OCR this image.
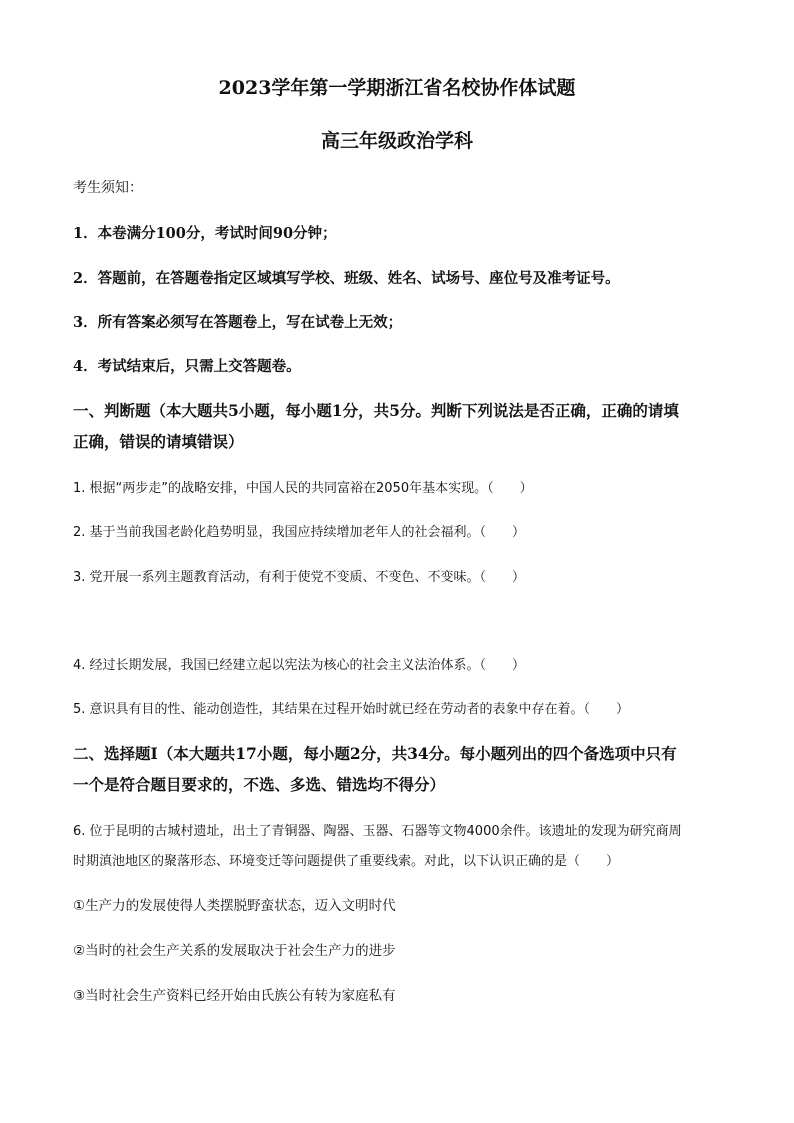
2023学年第一学期浙江省名校协作体试题
高三年级政治学科
考生须知：
1．本卷满分100分，考试时间90分钟；
2．答题前，在答题卷指定区域填写学校、班级、姓名、试场号、座位号及准考证号。
3．所有答案必须写在答题卷上，写在试卷上无效；
4．考试结束后，只需上交答题卷。
一、判断题（本大题共5小题，每小题1分，共5分。判断下列说法是否正确，正确的请填
正确，错误的请填错误）
1. 根据“两步走”的战略安排，中国人民的共同富裕在2050年基本实现。（　　）
2. 基于当前我国老龄化趋势明显，我国应持续增加老年人的社会福利。（　　）
3. 党开展一系列主题教育活动，有利于使党不变质、不变色、不变味。（　　）
4. 经过长期发展，我国已经建立起以宪法为核心的社会主义法治体系。（　　）
5. 意识具有目的性、能动创造性，其结果在过程开始时就已经在劳动者的表象中存在着。（　　）
二、选择题Ⅰ（本大题共17小题，每小题2分，共34分。每小题列出的四个备选项中只有
一个是符合题目要求的，不选、多选、错选均不得分）
6. 位于昆明的古城村遗址，出土了青铜器、陶器、玉器、石器等文物4000余件。该遗址的发现为研究商周
时期滇池地区的聚落形态、环境变迁等问题提供了重要线索。对此，以下认识正确的是（　　）
①生产力的发展使得人类摆脱野蛮状态，迈入文明时代
②当时的社会生产关系的发展取决于社会生产力的进步
③当时社会生产资料已经开始由氏族公有转为家庭私有
